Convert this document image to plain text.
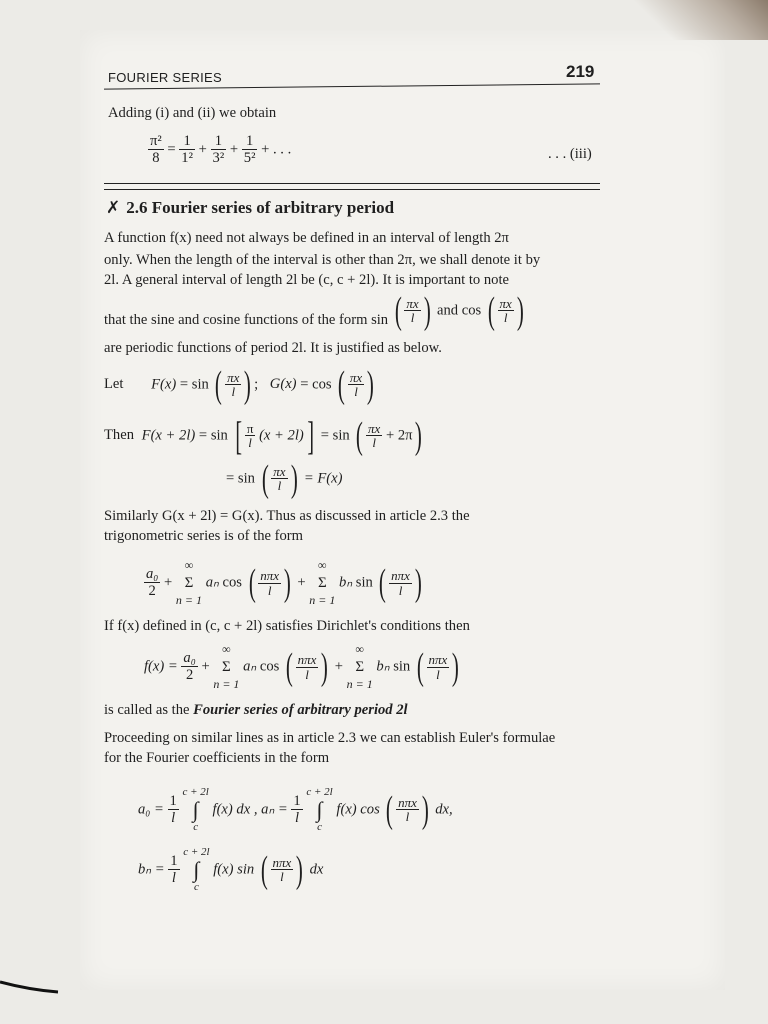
FOURIER SERIES	219
Adding (i) and (ii) we obtain
$\frac{\text{π²}}{8} = \frac{1}{\text{1²}} + \frac{1}{\text{3²}} + \frac{1}{\text{5²}}$ + . . .	. . . (iii)
✗ 2.6 Fourier series of arbitrary period
A function f(x) need not always be defined in an interval of length 2π
only. When the length of the interval is other than 2π, we shall denote it by
2l. A general interval of length 2l be (c, c + 2l). It is important to note
that the sine and cosine functions of the form sin ( $\frac{\pi x}{l}$ ) and cos ( $\frac{\pi x}{l}$ )
are periodic functions of period 2l. It is justified as below.
Let F(x) = sin ( $\frac{\pi x}{l}$ ) ; G(x) = cos ( $\frac{\pi x}{l}$ )
Then F(x + 2l) = sin [ $\frac{\pi}{l} (x + 2l)] = \sin$ ( $\frac{\pi x}{l} + 2\pi$)
= sin ( $\frac{\pi x}{l}$ ) = F(x)
Similarly G(x + 2l) = G(x). Thus as discussed in article 2.3 the
trigonometric series is of the form
$\frac{\text{a₀}}{2}$ + ∞
Σ
n = 1 aₙ cos ( nπx
l ) + ∞
Σ
n = 1 bₙ sin ( nπx
l )
If f(x) defined in (c, c + 2l) satisfies Dirichlet's conditions then
$f(x) = \frac{\text{a₀}}{2}$ + ∞
Σ
n = 1 aₙ cos ( nπx
l ) + ∞
Σ
n = 1 bₙ sin ( nπx
l )
is called as the Fourier series of arbitrary period 2l
Proceeding on similar lines as in article 2.3 we can establish Euler's formulae
for the Fourier coefficients in the form
$a_0 = \frac{1}{l}$
c + 2l
∫
c f(x) dx , $a_n = \frac{1}{l}$
c + 2l
∫
c f(x) cos ( nπx
l ) dx,
$b_n = \frac{1}{l}$
c + 2l
∫
c f(x) sin ( nπx
l ) dx
